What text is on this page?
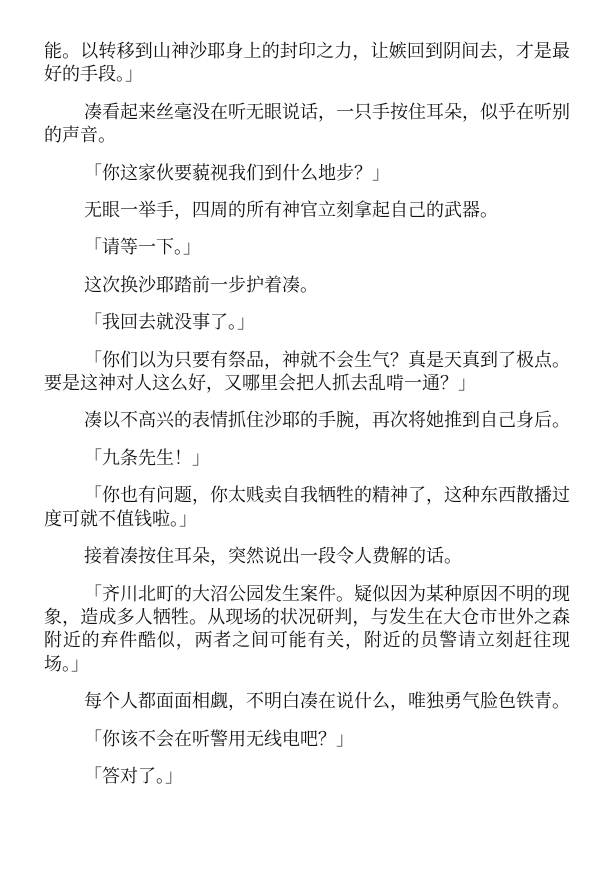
能。以转移到山神沙耶身上的封印之力，让嫉回到阴间去，才是最好的手段。」

凑看起来丝毫没在听无眼说话，一只手按住耳朵，似乎在听别的声音。

「你这家伙要藐视我们到什么地步？」

无眼一举手，四周的所有神官立刻拿起自己的武器。

「请等一下。」

这次换沙耶踏前一步护着凑。

「我回去就没事了。」

「你们以为只要有祭品，神就不会生气？真是天真到了极点。要是这神对人这么好，又哪里会把人抓去乱啃一通？」

凑以不高兴的表情抓住沙耶的手腕，再次将她推到自己身后。

「九条先生！」

「你也有问题，你太贱卖自我牺牲的精神了，这种东西散播过度可就不值钱啦。」

接着凑按住耳朵，突然说出一段令人费解的话。

「齐川北町的大沼公园发生案件。疑似因为某种原因不明的现象，造成多人牺牲。从现场的状况研判，与发生在大仓市世外之森附近的弃件酷似，两者之间可能有关，附近的员警请立刻赶往现场。」

每个人都面面相觑，不明白凑在说什么，唯独勇气脸色铁青。

「你该不会在听警用无线电吧？」

「答对了。」
